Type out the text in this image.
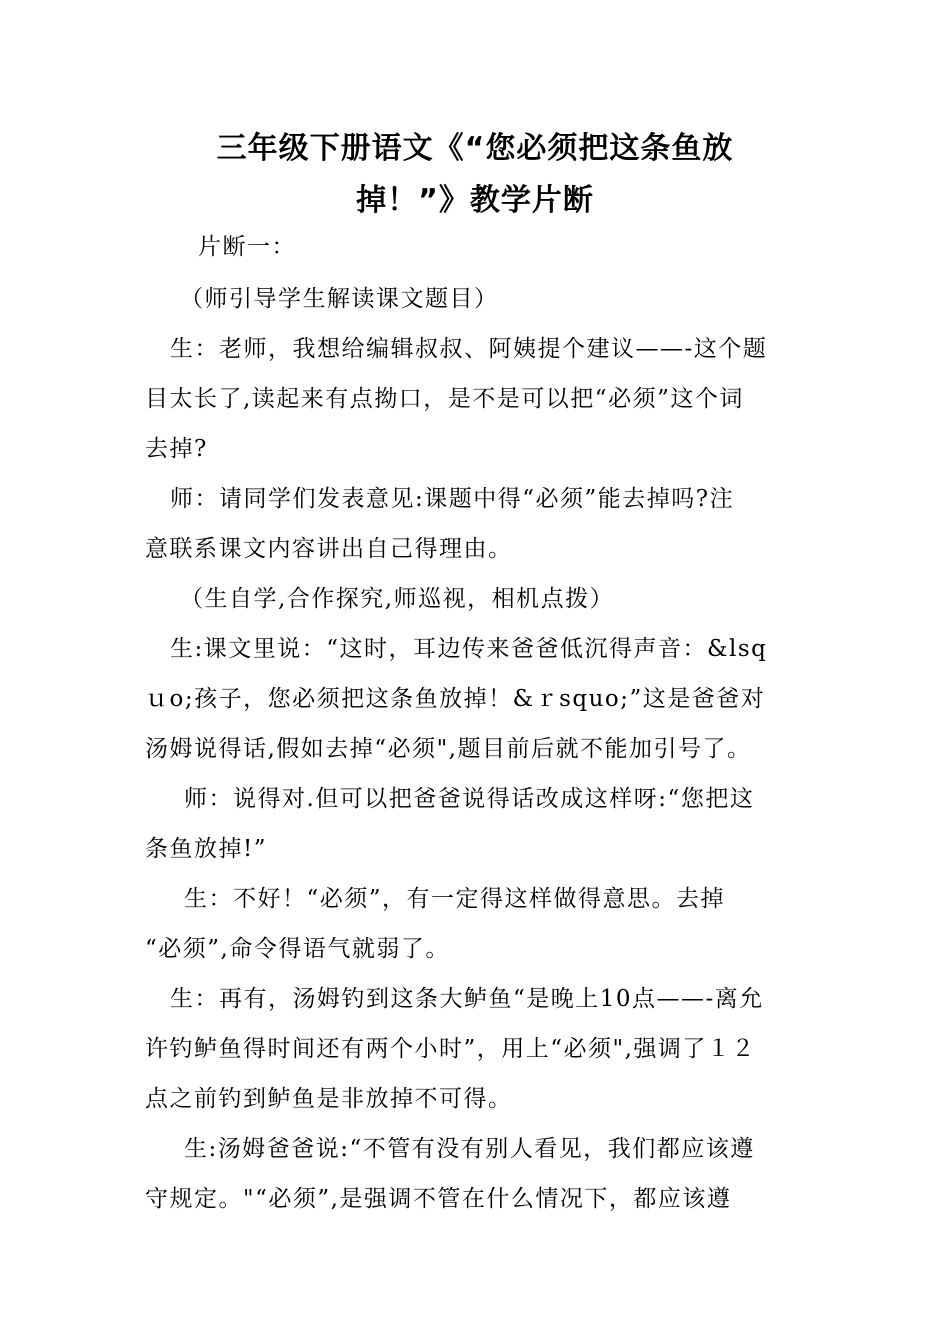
三年级下册语文《“您必须把这条鱼放
掉！”》教学片断
片断一：
（师引导学生解读课文题目）
生：老师，我想给编辑叔叔、阿姨提个建议——-这个题
目太长了,读起来有点拗口，是不是可以把“必须”这个词
去掉?
师：请同学们发表意见:课题中得“必须”能去掉吗?注
意联系课文内容讲出自己得理由。
（生自学,合作探究,师巡视，相机点拨）
生:课文里说：“这时，耳边传来爸爸低沉得声音：&lsq
ｕo;孩子，您必须把这条鱼放掉！&ｒsquo;”这是爸爸对
汤姆说得话,假如去掉“必须",题目前后就不能加引号了。
师：说得对.但可以把爸爸说得话改成这样呀:“您把这
条鱼放掉!”
生：不好！“必须”，有一定得这样做得意思。去掉
“必须”,命令得语气就弱了。
生：再有，汤姆钓到这条大鲈鱼“是晚上10点——-离允
许钓鲈鱼得时间还有两个小时”，用上“必须",强调了１２
点之前钓到鲈鱼是非放掉不可得。
生:汤姆爸爸说:“不管有没有别人看见，我们都应该遵
守规定。"“必须”,是强调不管在什么情况下，都应该遵
